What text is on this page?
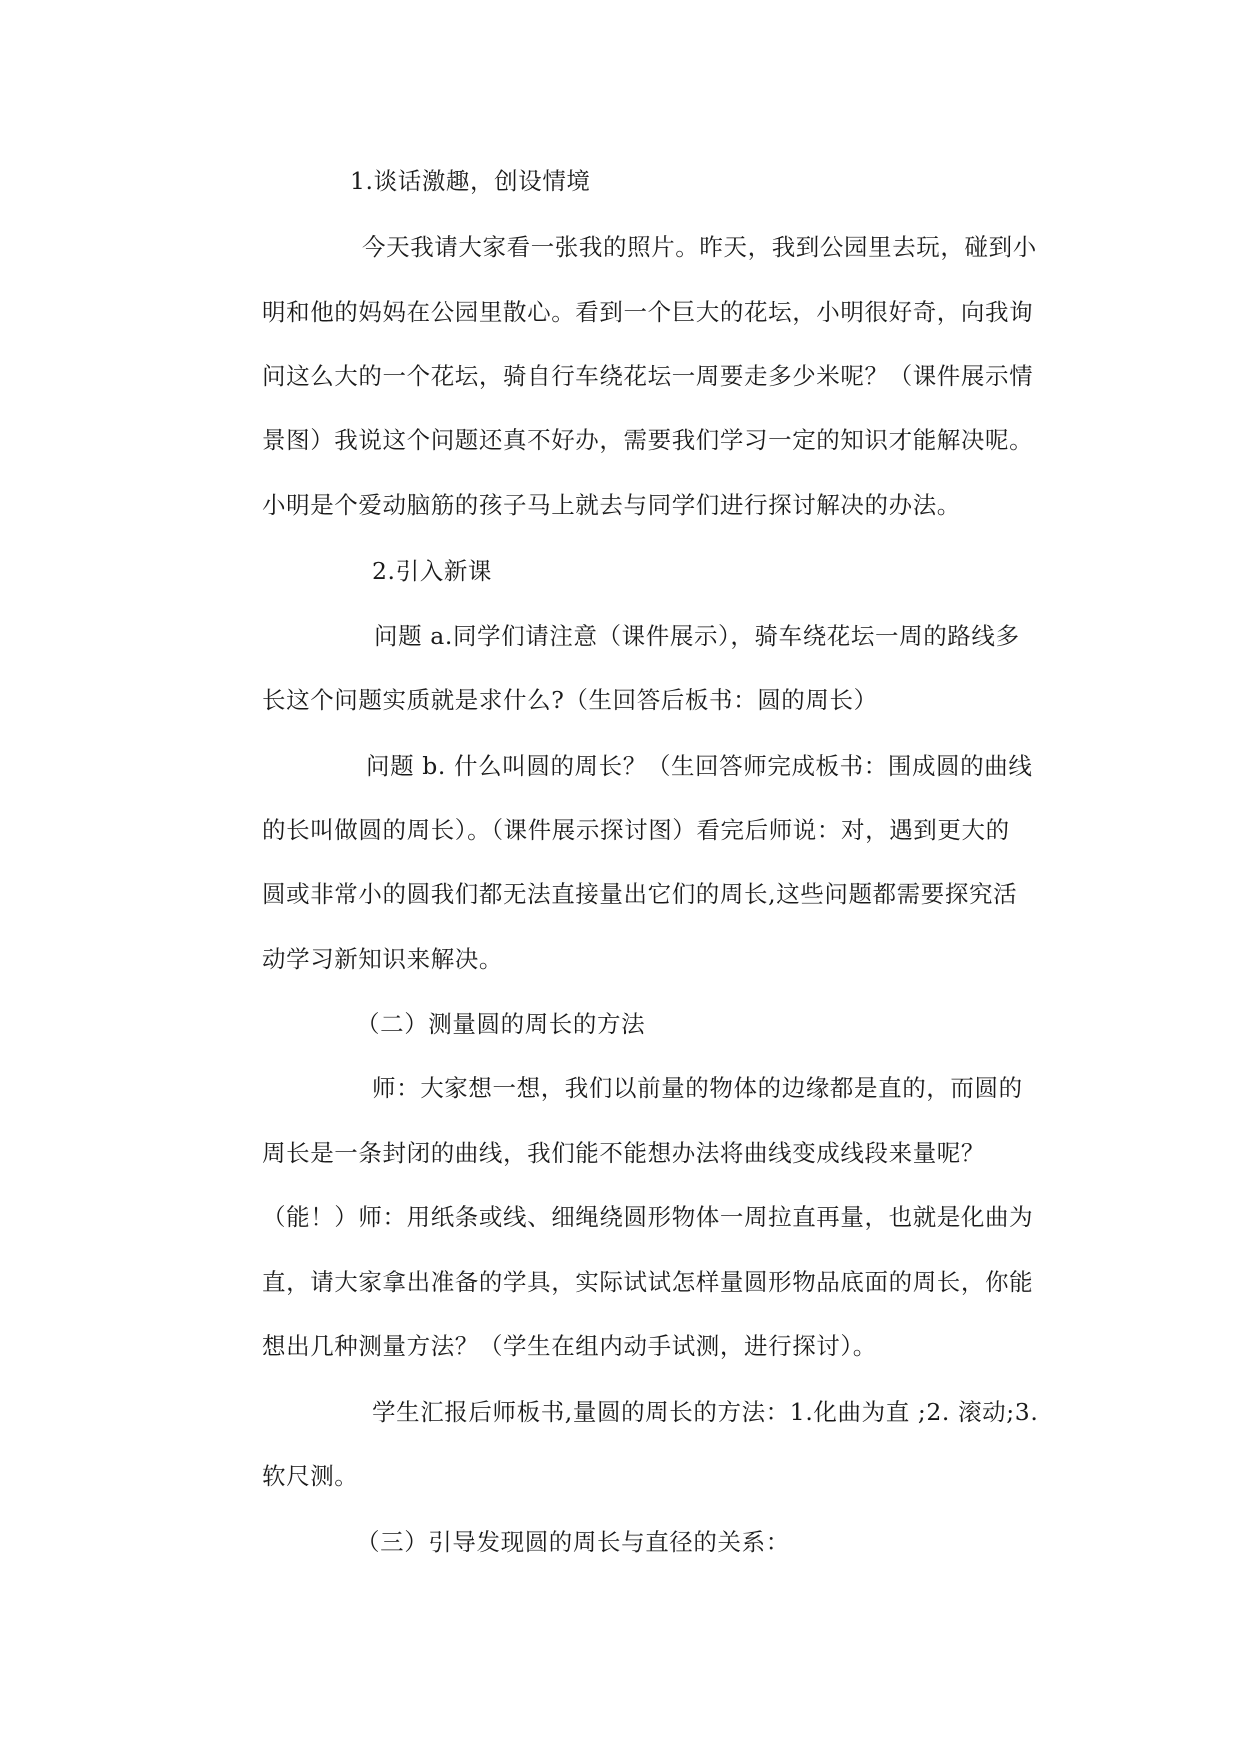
1.谈话激趣，创设情境
今天我请大家看一张我的照片。昨天，我到公园里去玩，碰到小
明和他的妈妈在公园里散心。看到一个巨大的花坛，小明很好奇，向我询
问这么大的一个花坛，骑自行车绕花坛一周要走多少米呢？（课件展示情
景图）我说这个问题还真不好办，需要我们学习一定的知识才能解决呢。
小明是个爱动脑筋的孩子马上就去与同学们进行探讨解决的办法。
2.引入新课
问题 a.同学们请注意（课件展示），骑车绕花坛一周的路线多
长这个问题实质就是求什么?（生回答后板书：圆的周长）
问题 b. 什么叫圆的周长？（生回答师完成板书：围成圆的曲线
的长叫做圆的周长）。（课件展示探讨图）看完后师说：对，遇到更大的
圆或非常小的圆我们都无法直接量出它们的周长,这些问题都需要探究活
动学习新知识来解决。
（二）测量圆的周长的方法
师：大家想一想，我们以前量的物体的边缘都是直的，而圆的
周长是一条封闭的曲线，我们能不能想办法将曲线变成线段来量呢？
（能！）师：用纸条或线、细绳绕圆形物体一周拉直再量，也就是化曲为
直，请大家拿出准备的学具，实际试试怎样量圆形物品底面的周长，你能
想出几种测量方法？（学生在组内动手试测，进行探讨）。
学生汇报后师板书,量圆的周长的方法：1.化曲为直 ;2. 滚动;3.
软尺测。
（三）引导发现圆的周长与直径的关系：
